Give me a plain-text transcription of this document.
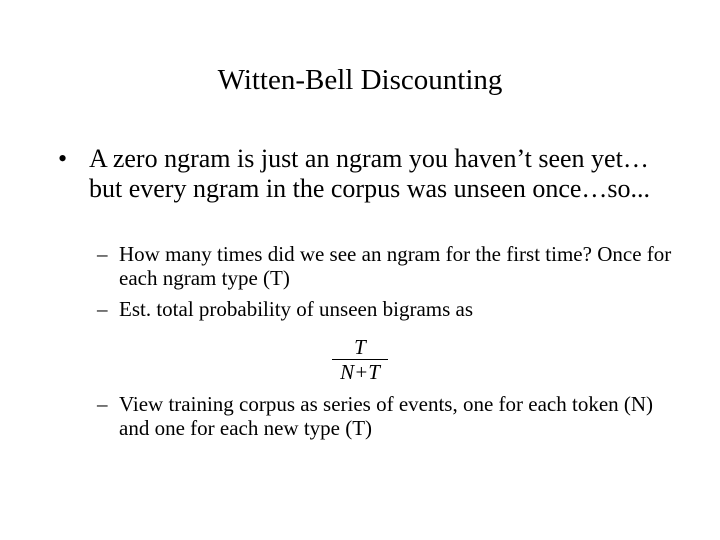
Witten-Bell Discounting
• A zero ngram is just an ngram you haven’t seen yet…but every ngram in the corpus was unseen once…so...
– How many times did we see an ngram for the first time? Once for each ngram type (T)
– Est. total probability of unseen bigrams as
T
N+T
– View training corpus as series of events, one for each token (N) and one for each new type (T)
